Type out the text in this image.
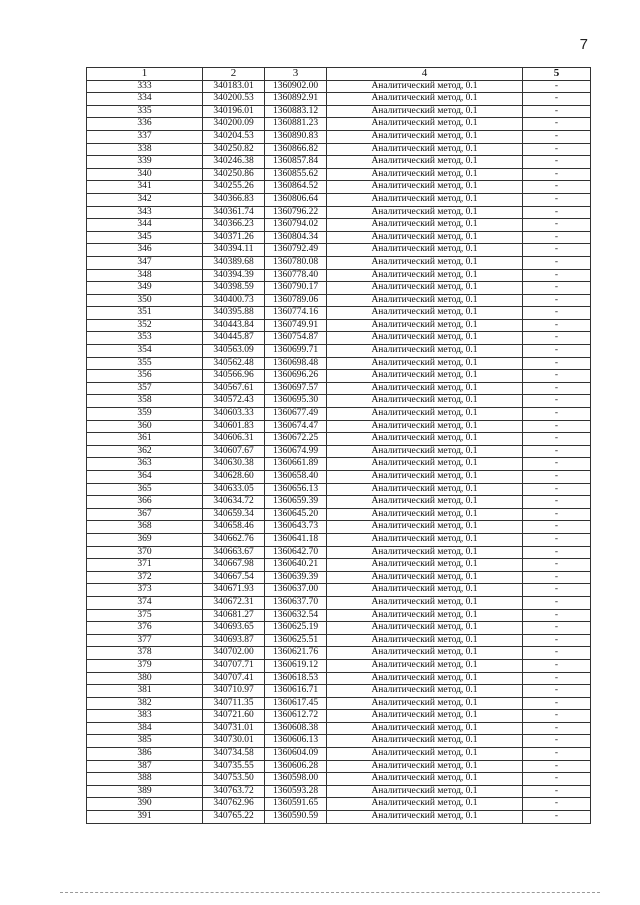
7
1	2	3	4	5
333	340183.01	1360902.00	Аналитический метод, 0.1	-
334	340200.53	1360892.91	Аналитический метод, 0.1	-
335	340196.01	1360883.12	Аналитический метод, 0.1	-
336	340200.09	1360881.23	Аналитический метод, 0.1	-
337	340204.53	1360890.83	Аналитический метод, 0.1	-
338	340250.82	1360866.82	Аналитический метод, 0.1	-
339	340246.38	1360857.84	Аналитический метод, 0.1	-
340	340250.86	1360855.62	Аналитический метод, 0.1	-
341	340255.26	1360864.52	Аналитический метод, 0.1	-
342	340366.83	1360806.64	Аналитический метод, 0.1	-
343	340361.74	1360796.22	Аналитический метод, 0.1	-
344	340366.23	1360794.02	Аналитический метод, 0.1	-
345	340371.26	1360804.34	Аналитический метод, 0.1	-
346	340394.11	1360792.49	Аналитический метод, 0.1	-
347	340389.68	1360780.08	Аналитический метод, 0.1	-
348	340394.39	1360778.40	Аналитический метод, 0.1	-
349	340398.59	1360790.17	Аналитический метод, 0.1	-
350	340400.73	1360789.06	Аналитический метод, 0.1	-
351	340395.88	1360774.16	Аналитический метод, 0.1	-
352	340443.84	1360749.91	Аналитический метод, 0.1	-
353	340445.87	1360754.87	Аналитический метод, 0.1	-
354	340563.09	1360699.71	Аналитический метод, 0.1	-
355	340562.48	1360698.48	Аналитический метод, 0.1	-
356	340566.96	1360696.26	Аналитический метод, 0.1	-
357	340567.61	1360697.57	Аналитический метод, 0.1	-
358	340572.43	1360695.30	Аналитический метод, 0.1	-
359	340603.33	1360677.49	Аналитический метод, 0.1	-
360	340601.83	1360674.47	Аналитический метод, 0.1	-
361	340606.31	1360672.25	Аналитический метод, 0.1	-
362	340607.67	1360674.99	Аналитический метод, 0.1	-
363	340630.38	1360661.89	Аналитический метод, 0.1	-
364	340628.60	1360658.40	Аналитический метод, 0.1	-
365	340633.05	1360656.13	Аналитический метод, 0.1	-
366	340634.72	1360659.39	Аналитический метод, 0.1	-
367	340659.34	1360645.20	Аналитический метод, 0.1	-
368	340658.46	1360643.73	Аналитический метод, 0.1	-
369	340662.76	1360641.18	Аналитический метод, 0.1	-
370	340663.67	1360642.70	Аналитический метод, 0.1	-
371	340667.98	1360640.21	Аналитический метод, 0.1	-
372	340667.54	1360639.39	Аналитический метод, 0.1	-
373	340671.93	1360637.00	Аналитический метод, 0.1	-
374	340672.31	1360637.70	Аналитический метод, 0.1	-
375	340681.27	1360632.54	Аналитический метод, 0.1	-
376	340693.65	1360625.19	Аналитический метод, 0.1	-
377	340693.87	1360625.51	Аналитический метод, 0.1	-
378	340702.00	1360621.76	Аналитический метод, 0.1	-
379	340707.71	1360619.12	Аналитический метод, 0.1	-
380	340707.41	1360618.53	Аналитический метод, 0.1	-
381	340710.97	1360616.71	Аналитический метод, 0.1	-
382	340711.35	1360617.45	Аналитический метод, 0.1	-
383	340721.60	1360612.72	Аналитический метод, 0.1	-
384	340731.01	1360608.38	Аналитический метод, 0.1	-
385	340730.01	1360606.13	Аналитический метод, 0.1	-
386	340734.58	1360604.09	Аналитический метод, 0.1	-
387	340735.55	1360606.28	Аналитический метод, 0.1	-
388	340753.50	1360598.00	Аналитический метод, 0.1	-
389	340763.72	1360593.28	Аналитический метод, 0.1	-
390	340762.96	1360591.65	Аналитический метод, 0.1	-
391	340765.22	1360590.59	Аналитический метод, 0.1	-
